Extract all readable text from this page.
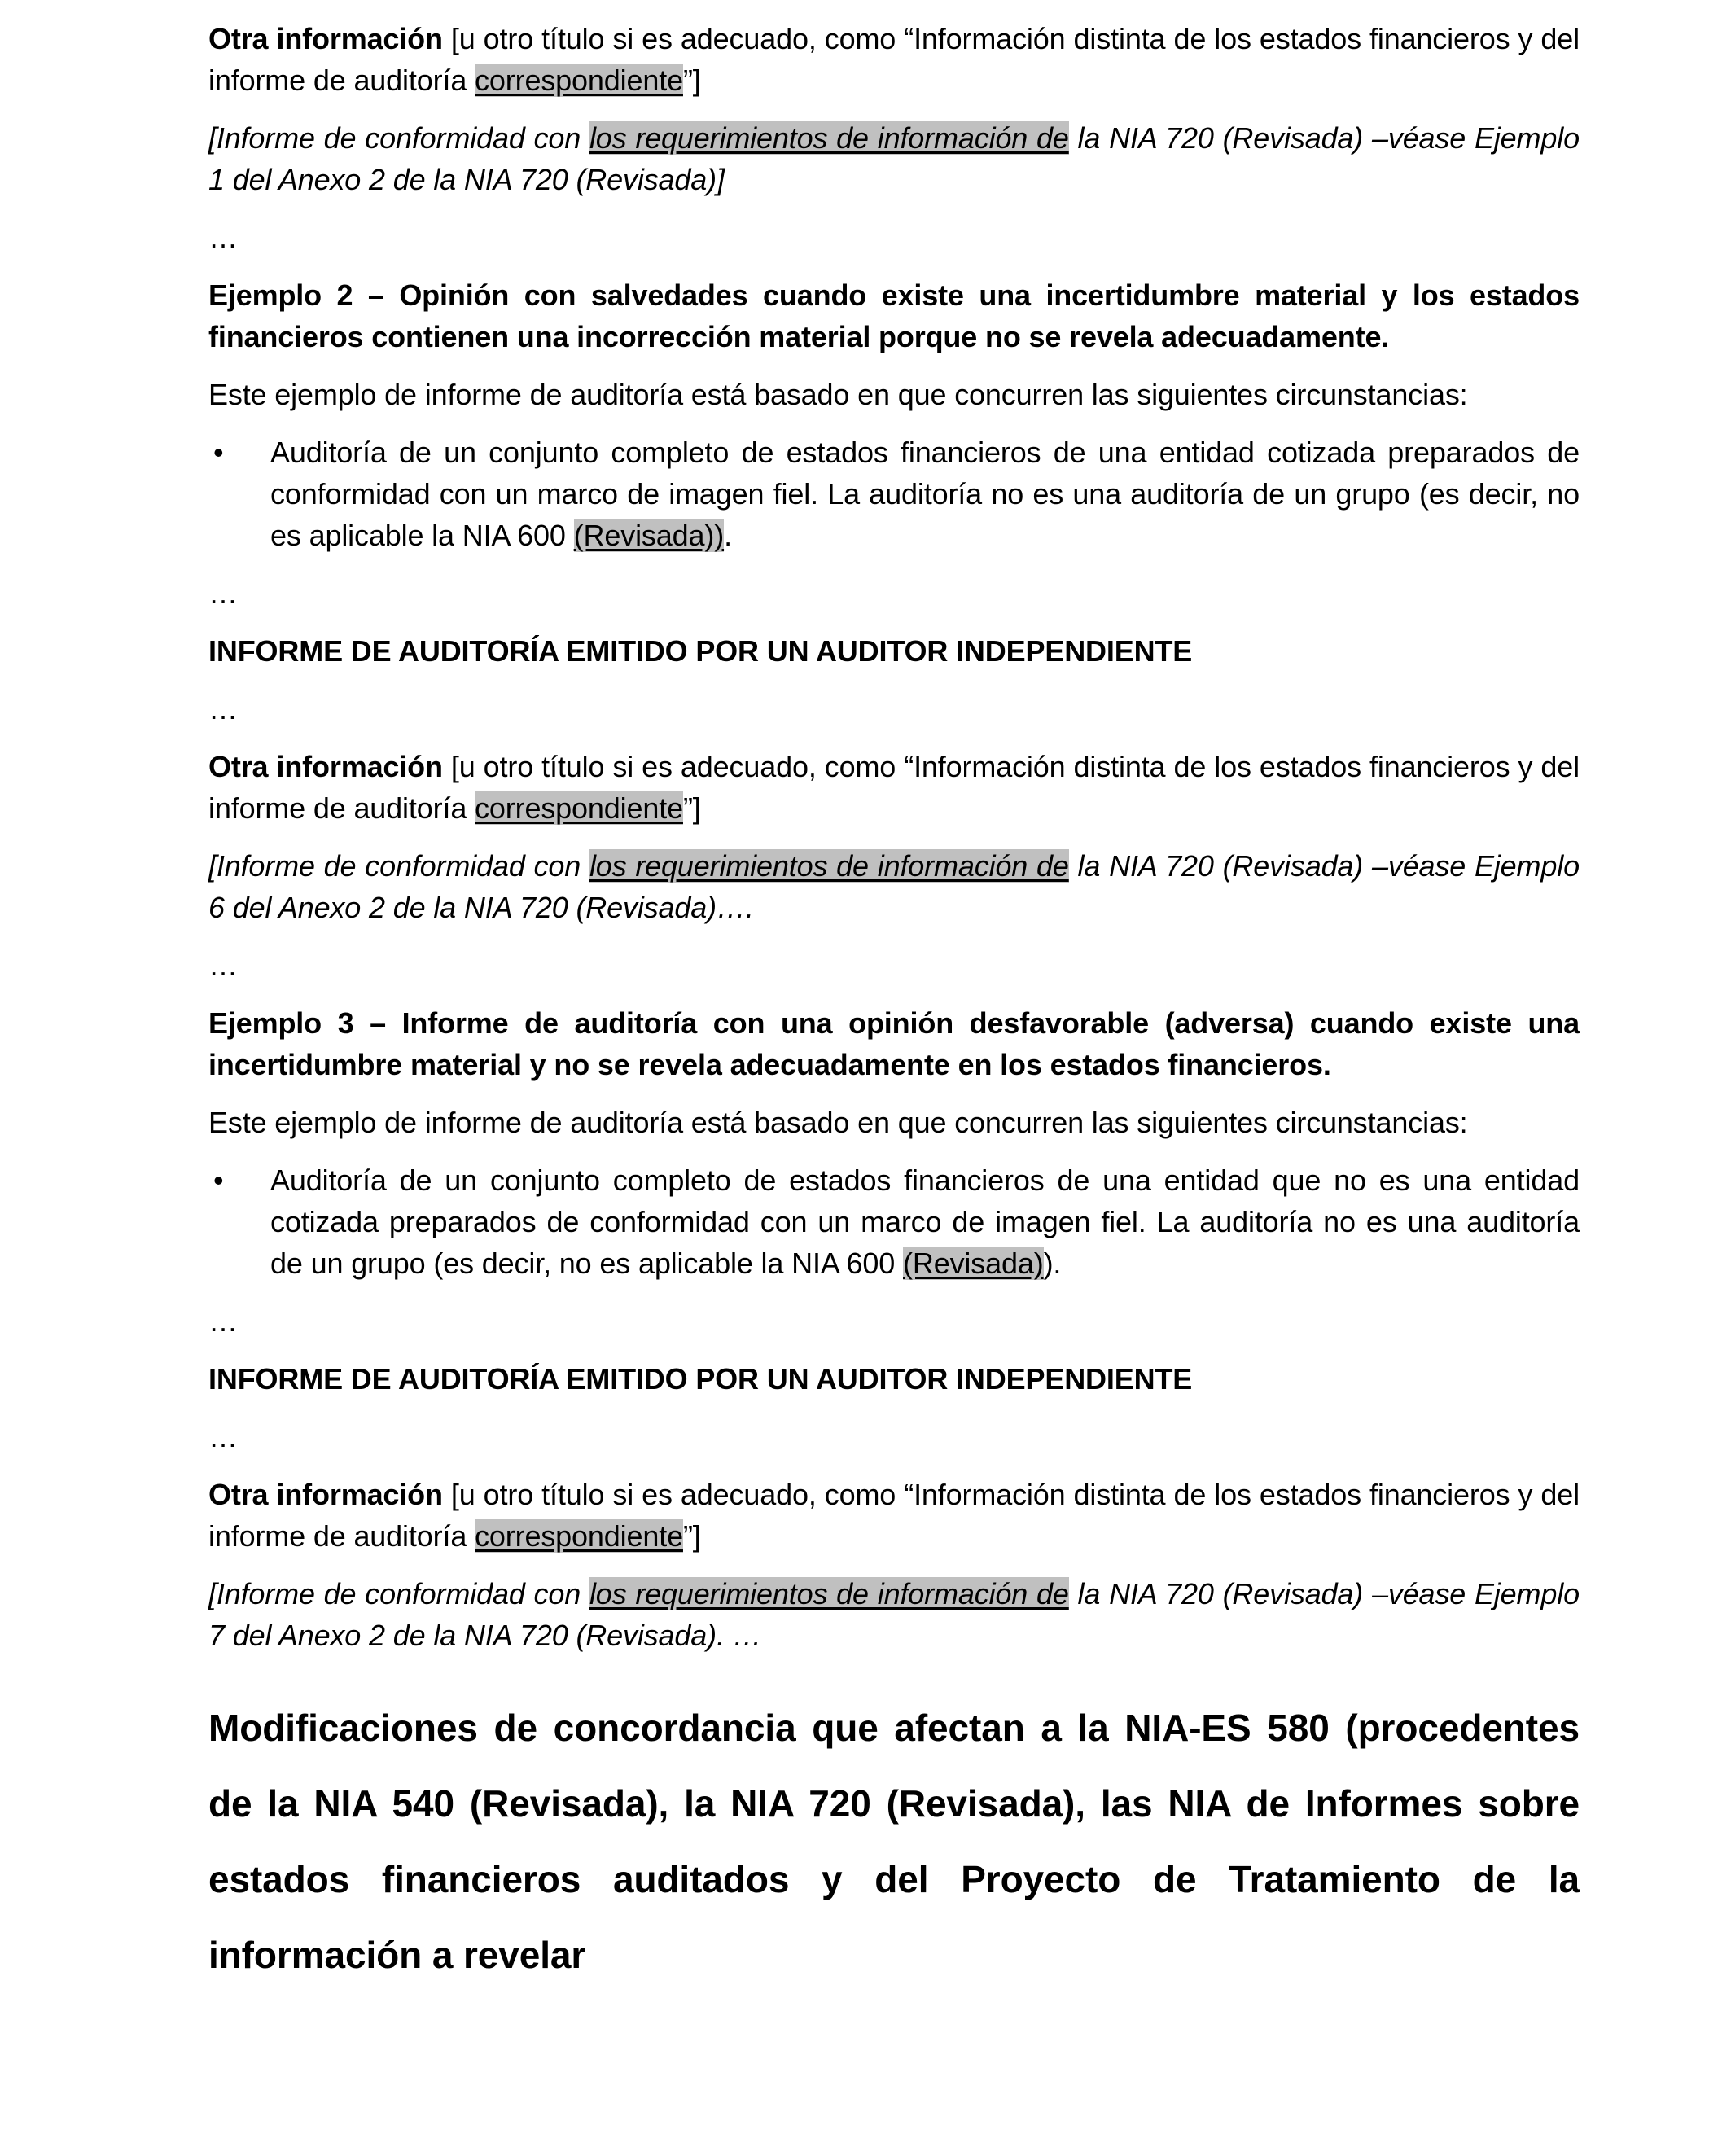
Otra información [u otro título si es adecuado, como “Información distinta de los estados financieros y del informe de auditoría correspondiente”]

[Informe de conformidad con los requerimientos de información de la NIA 720 (Revisada) –véase Ejemplo 1 del Anexo 2 de la NIA 720 (Revisada)]

…

Ejemplo 2 – Opinión con salvedades cuando existe una incertidumbre material y los estados financieros contienen una incorrección material porque no se revela adecuadamente.

Este ejemplo de informe de auditoría está basado en que concurren las siguientes circunstancias:

• Auditoría de un conjunto completo de estados financieros de una entidad cotizada preparados de conformidad con un marco de imagen fiel. La auditoría no es una auditoría de un grupo (es decir, no es aplicable la NIA 600 (Revisada)).

…

INFORME DE AUDITORÍA EMITIDO POR UN AUDITOR INDEPENDIENTE

…

Otra información [u otro título si es adecuado, como “Información distinta de los estados financieros y del informe de auditoría correspondiente”]

[Informe de conformidad con los requerimientos de información de la NIA 720 (Revisada) –véase Ejemplo 6 del Anexo 2 de la NIA 720 (Revisada)….

…

Ejemplo 3 – Informe de auditoría con una opinión desfavorable (adversa) cuando existe una incertidumbre material y no se revela adecuadamente en los estados financieros.

Este ejemplo de informe de auditoría está basado en que concurren las siguientes circunstancias:

• Auditoría de un conjunto completo de estados financieros de una entidad que no es una entidad cotizada preparados de conformidad con un marco de imagen fiel. La auditoría no es una auditoría de un grupo (es decir, no es aplicable la NIA 600 (Revisada)).

…

INFORME DE AUDITORÍA EMITIDO POR UN AUDITOR INDEPENDIENTE

…

Otra información [u otro título si es adecuado, como “Información distinta de los estados financieros y del informe de auditoría correspondiente”]

[Informe de conformidad con los requerimientos de información de la NIA 720 (Revisada) –véase Ejemplo 7 del Anexo 2 de la NIA 720 (Revisada). …

Modificaciones de concordancia que afectan a la NIA-ES 580 (procedentes de la NIA 540 (Revisada), la NIA 720 (Revisada), las NIA de Informes sobre estados financieros auditados y del Proyecto de Tratamiento de la información a revelar
